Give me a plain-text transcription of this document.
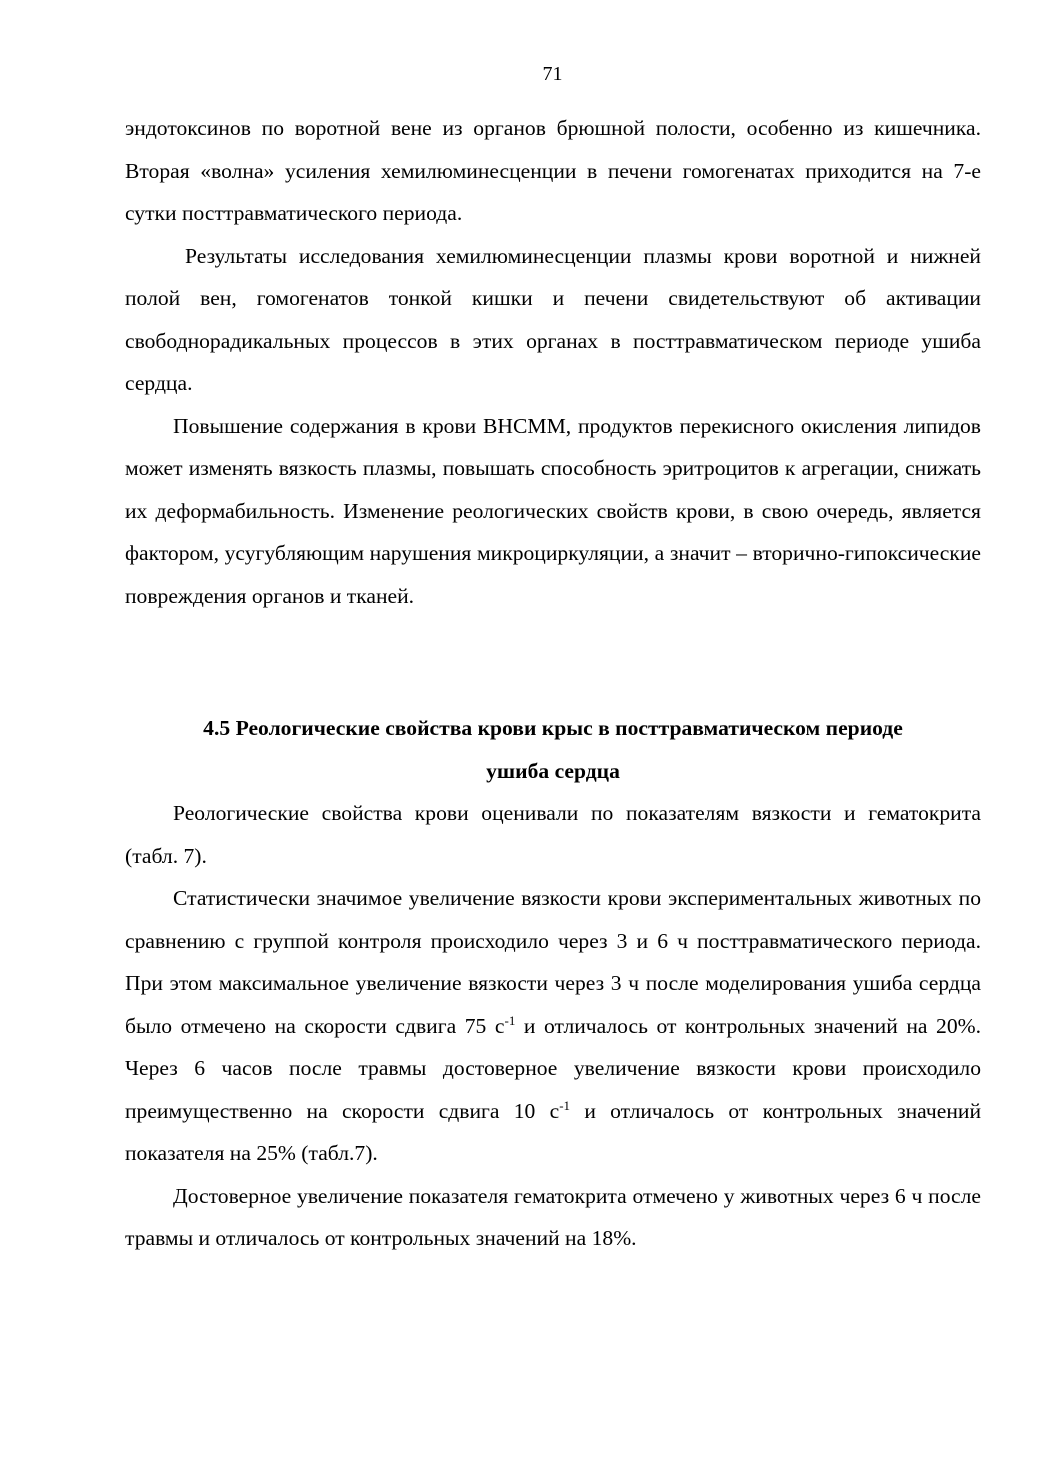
71

эндотоксинов по воротной вене из органов брюшной полости, особенно из кишечника. Вторая «волна» усиления хемилюминесценции в печени гомогенатах приходится на 7-е сутки посттравматического периода.

Результаты исследования хемилюминесценции плазмы крови воротной и нижней полой вен, гомогенатов тонкой кишки и печени свидетельствуют об активации свободнорадикальных процессов в этих органах в посттравматическом периоде ушиба сердца.

Повышение содержания в крови ВНСММ, продуктов перекисного окисления липидов может изменять вязкость плазмы, повышать способность эритроцитов к агрегации, снижать их деформабильность. Изменение реологических свойств крови, в свою очередь, является фактором, усугубляющим нарушения микроциркуляции, а значит – вторично-гипоксические повреждения органов и тканей.

4.5 Реологические свойства крови крыс в посттравматическом периоде
ушиба сердца

Реологические свойства крови оценивали по показателям вязкости и гематокрита (табл. 7).

Статистически значимое увеличение вязкости крови экспериментальных животных по сравнению с группой контроля происходило через 3 и 6 ч посттравматического периода. При этом максимальное увеличение вязкости через 3 ч после моделирования ушиба сердца было отмечено на скорости сдвига 75 $с^{-1}$ и отличалось от контрольных значений на 20%. Через 6 часов после травмы достоверное увеличение вязкости крови происходило преимущественно на скорости сдвига 10 $с^{-1}$ и отличалось от контрольных значений показателя на 25% (табл.7).

Достоверное увеличение показателя гематокрита отмечено у животных через 6 ч после травмы и отличалось от контрольных значений на 18%.
